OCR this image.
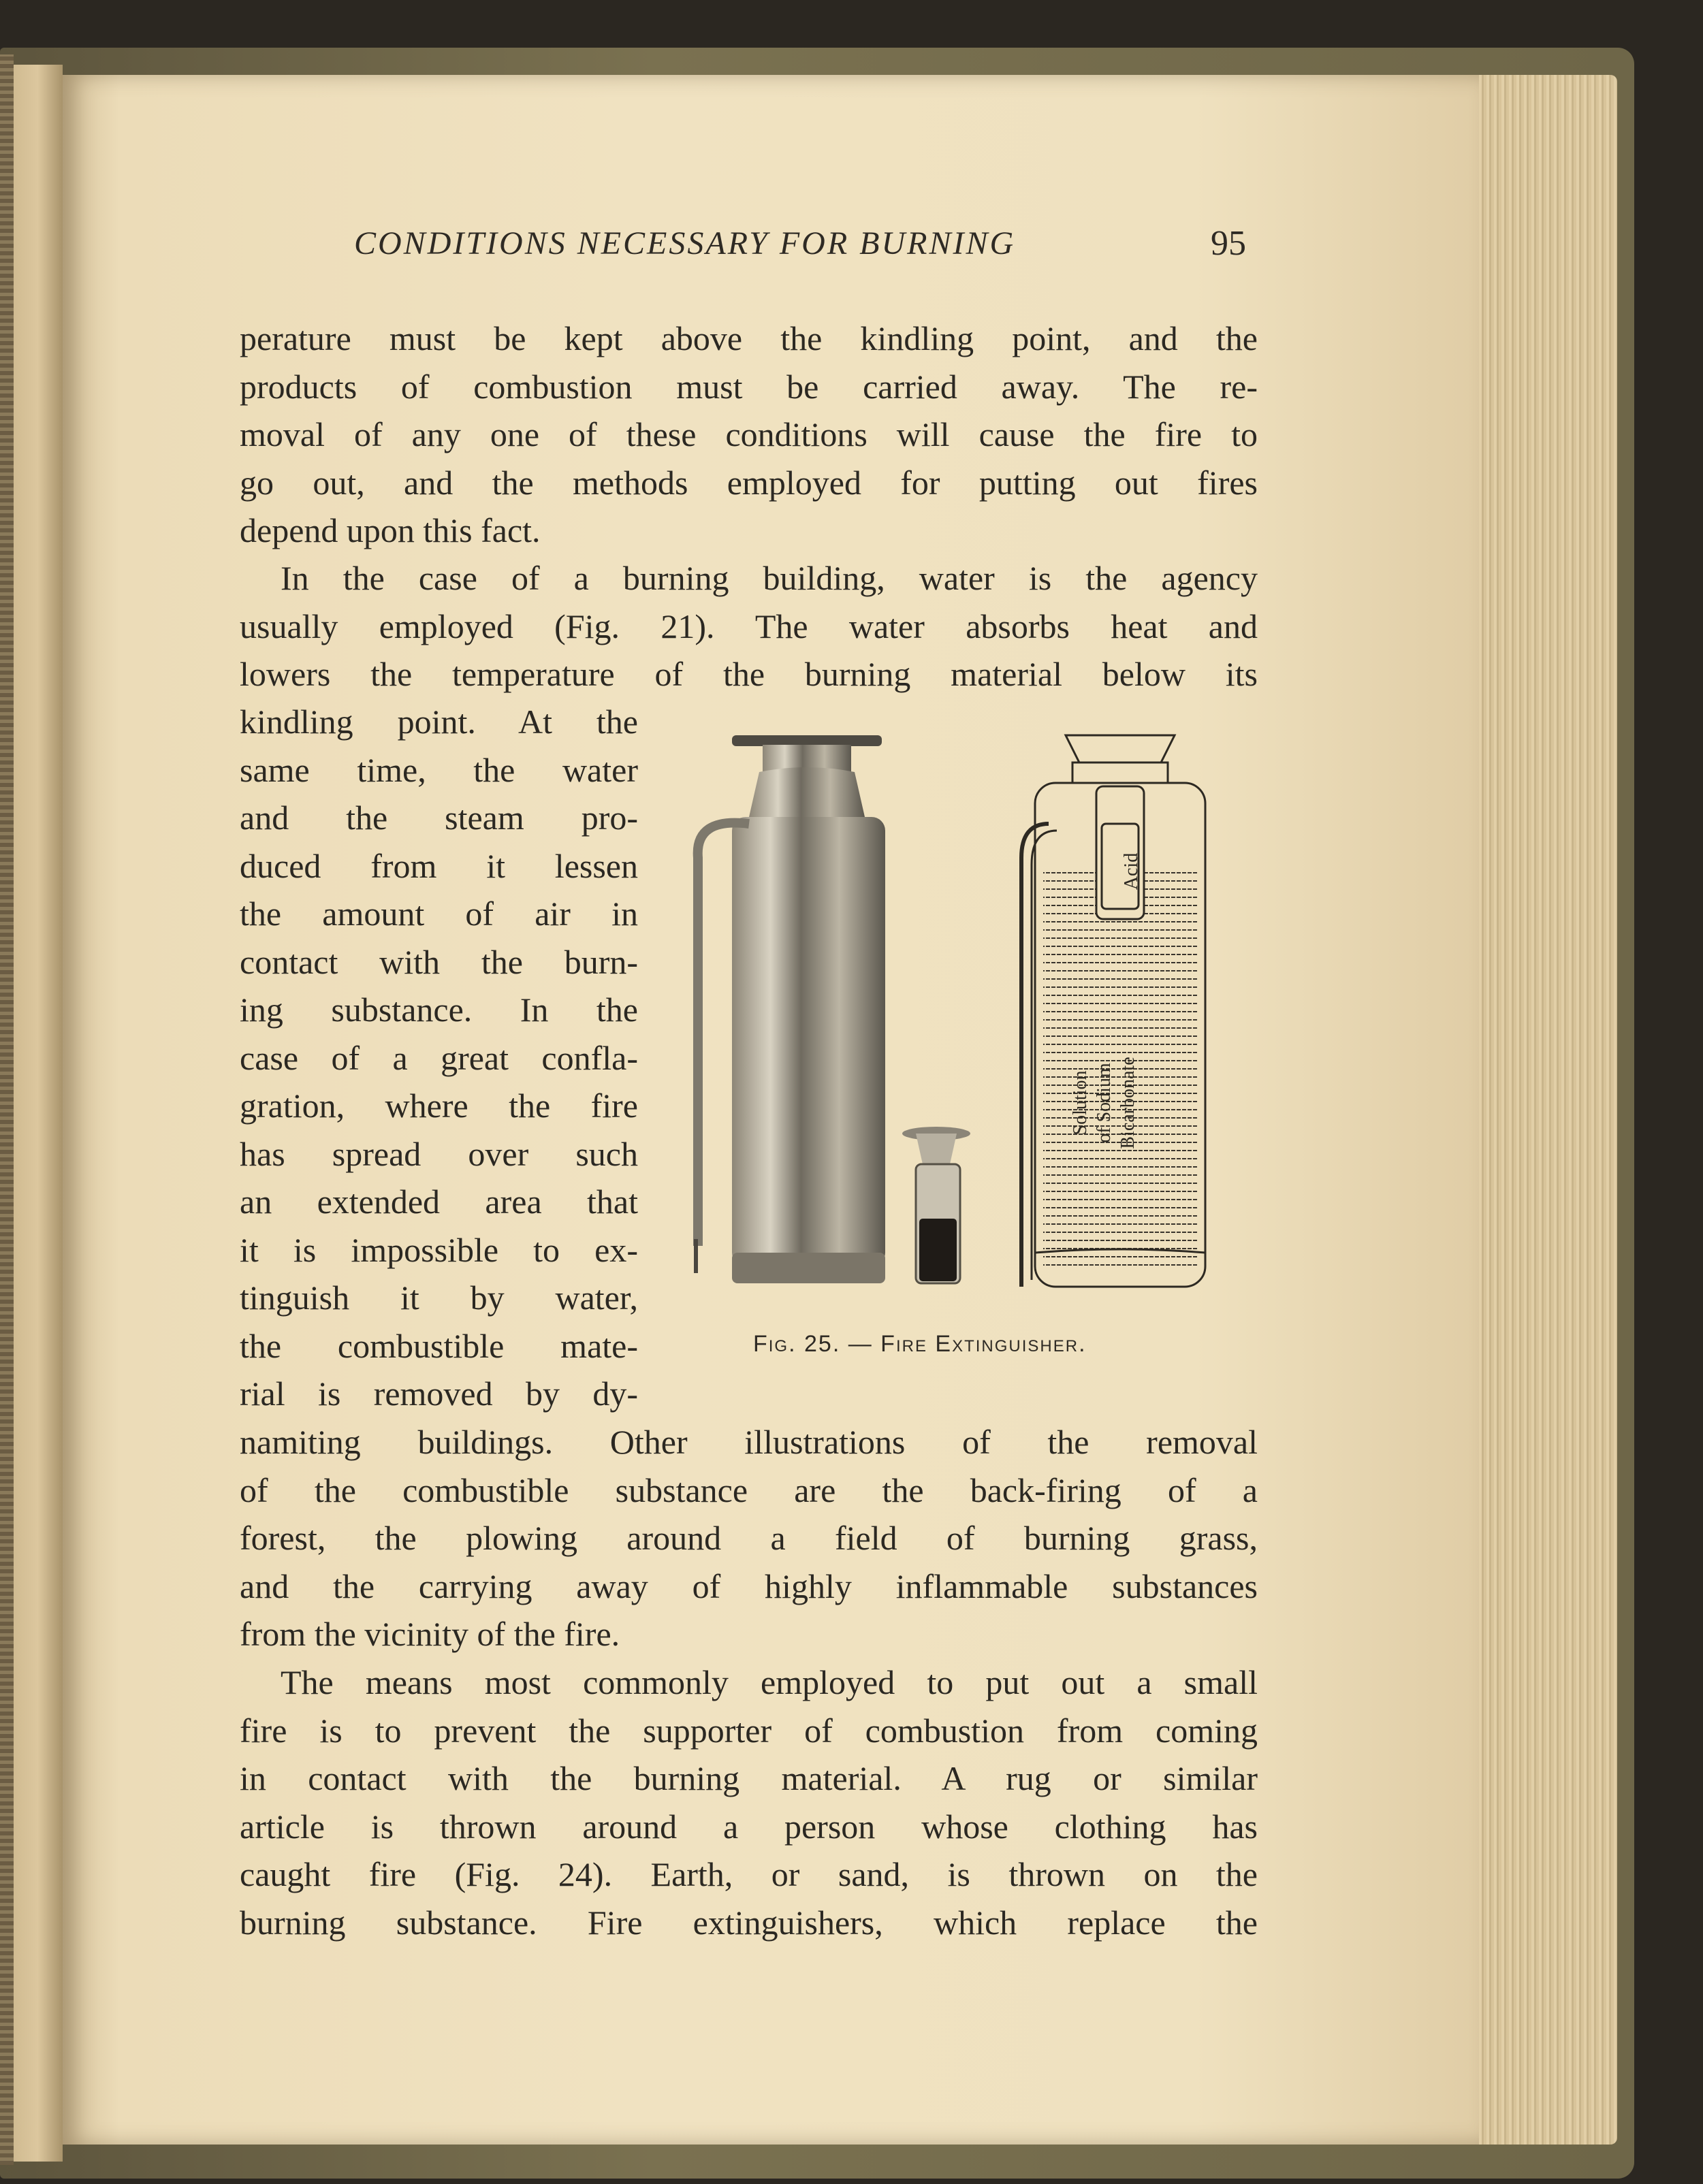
CONDITIONS NECESSARY FOR BURNING	95
perature must be kept above the kindling point, and the
products of combustion must be carried away. The re-
moval of any one of these conditions will cause the fire to
go out, and the methods employed for putting out fires
depend upon this fact.
In the case of a burning building, water is the agency
usually employed (Fig. 21). The water absorbs heat and
lowers the temperature of the burning material below its
kindling point. At the
same time, the water
and the steam pro-
duced from it lessen
the amount of air in
contact with the burn-
ing substance. In the
case of a great confla-
gration, where the fire
has spread over such
an extended area that
it is impossible to ex-
tinguish it by water,
the combustible mate-
rial is removed by dy-
namiting buildings. Other illustrations of the removal
of the combustible substance are the back-firing of a
forest, the plowing around a field of burning grass,
and the carrying away of highly inflammable substances
from the vicinity of the fire.
The means most commonly employed to put out a small
fire is to prevent the supporter of combustion from coming
in contact with the burning material. A rug or similar
article is thrown around a person whose clothing has
caught fire (Fig. 24). Earth, or sand, is thrown on the
burning substance. Fire extinguishers, which replace the
Acid
Solution of Sodium Bicarbonate
Fig. 25. — Fire Extinguisher.
